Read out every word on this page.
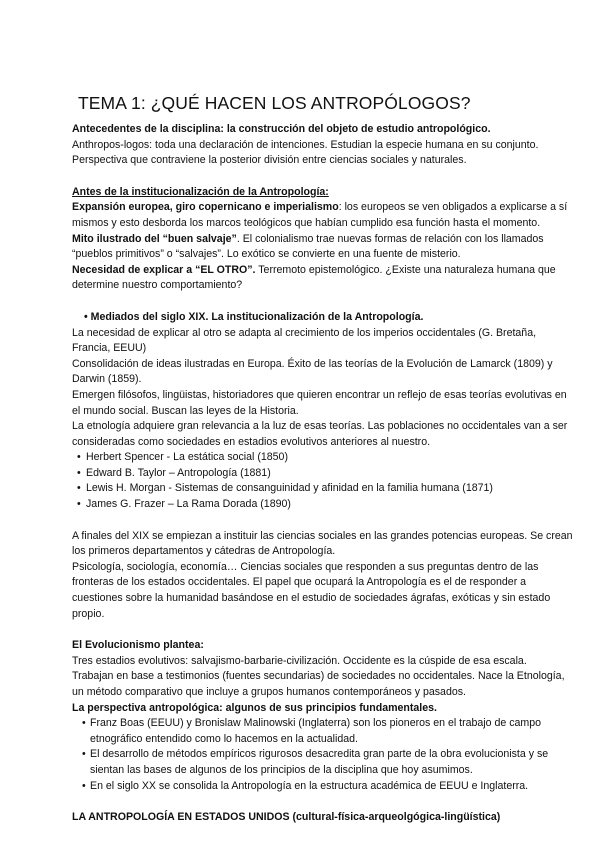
TEMA 1: ¿QUÉ HACEN LOS ANTROPÓLOGOS?

Antecedentes de la disciplina: la construcción del objeto de estudio antropológico.

Anthropos-logos: toda una declaración de intenciones. Estudian la especie humana en su conjunto.

Perspectiva que contraviene la posterior división entre ciencias sociales y naturales.

Antes de la institucionalización de la Antropología:

Expansión europea, giro copernicano e imperialismo: los europeos se ven obligados a explicarse a sí mismos y esto desborda los marcos teológicos que habían cumplido esa función hasta el momento.

Mito ilustrado del “buen salvaje”. El colonialismo trae nuevas formas de relación con los llamados “pueblos primitivos” o “salvajes”. Lo exótico se convierte en una fuente de misterio.

Necesidad de explicar a “EL OTRO”. Terremoto epistemológico. ¿Existe una naturaleza humana que determine nuestro comportamiento?

• Mediados del siglo XIX. La institucionalización de la Antropología.

La necesidad de explicar al otro se adapta al crecimiento de los imperios occidentales (G. Bretaña, Francia, EEUU)

Consolidación de ideas ilustradas en Europa. Éxito de las teorías de la Evolución de Lamarck (1809) y Darwin (1859).

Emergen filósofos, lingüistas, historiadores que quieren encontrar un reflejo de esas teorías evolutivas en el mundo social. Buscan las leyes de la Historia.

La etnología adquiere gran relevancia a la luz de esas teorías. Las poblaciones no occidentales van a ser consideradas como sociedades en estadios evolutivos anteriores al nuestro.

• Herbert Spencer - La estática social (1850)
• Edward B. Taylor – Antropología (1881)
• Lewis H. Morgan - Sistemas de consanguinidad y afinidad en la familia humana (1871)
• James G. Frazer – La Rama Dorada (1890)

A finales del XIX se empiezan a instituir las ciencias sociales en las grandes potencias europeas. Se crean los primeros departamentos y cátedras de Antropología.

Psicología, sociología, economía… Ciencias sociales que responden a sus preguntas dentro de las fronteras de los estados occidentales. El papel que ocupará la Antropología es el de responder a cuestiones sobre la humanidad basándose en el estudio de sociedades ágrafas, exóticas y sin estado propio.

El Evolucionismo plantea:

Tres estadios evolutivos: salvajismo-barbarie-civilización. Occidente es la cúspide de esa escala.

Trabajan en base a testimonios (fuentes secundarias) de sociedades no occidentales. Nace la Etnología, un método comparativo que incluye a grupos humanos contemporáneos y pasados.

La perspectiva antropológica: algunos de sus principios fundamentales.

• Franz Boas (EEUU) y Bronislaw Malinowski (Inglaterra) son los pioneros en el trabajo de campo etnográfico entendido como lo hacemos en la actualidad.
• El desarrollo de métodos empíricos rigurosos desacredita gran parte de la obra evolucionista y se sientan las bases de algunos de los principios de la disciplina que hoy asumimos.
• En el siglo XX se consolida la Antropología en la estructura académica de EEUU e Inglaterra.

LA ANTROPOLOGÍA EN ESTADOS UNIDOS (cultural-física-arqueolgógica-lingüística)
